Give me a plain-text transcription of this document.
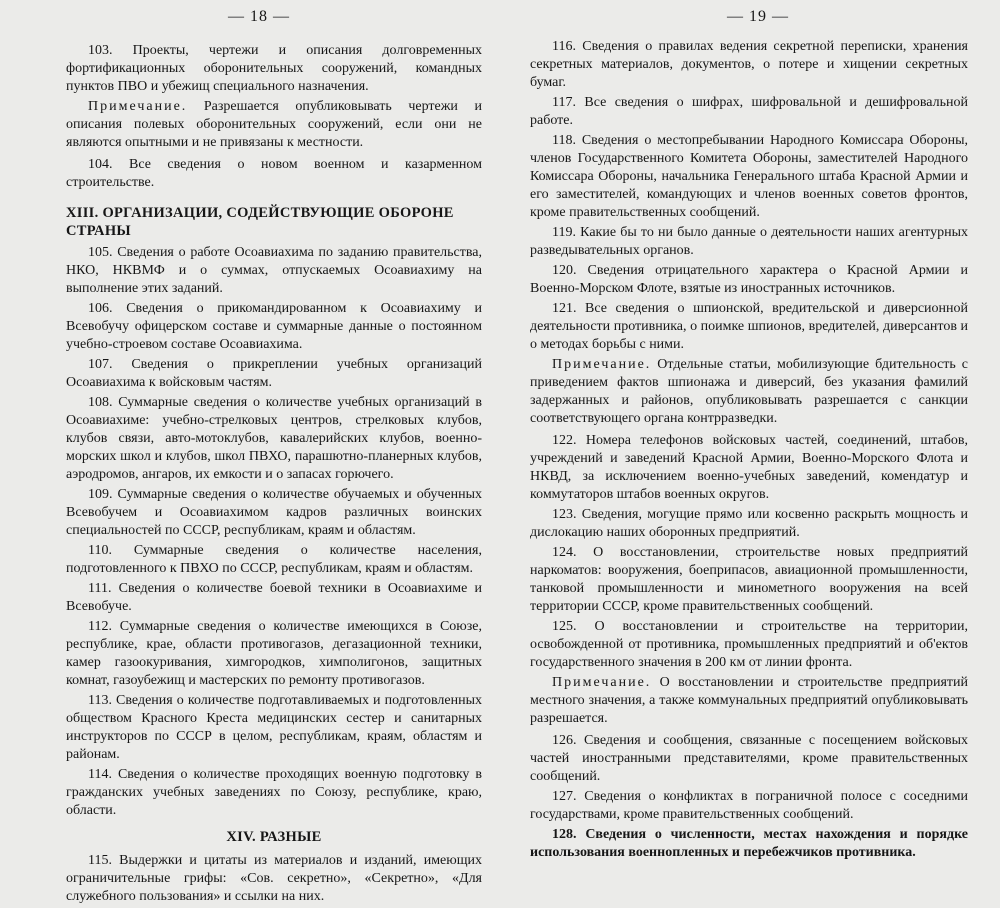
— 18 —

103. Проекты, чертежи и описания долговременных фортификационных оборонительных сооружений, командных пунктов ПВО и убежищ специального назначения.

Примечание. Разрешается опубликовывать чертежи и описания полевых оборонительных сооружений, если они не являются опытными и не привязаны к местности.

104. Все сведения о новом военном и казарменном строительстве.

XIII. ОРГАНИЗАЦИИ, СОДЕЙСТВУЮЩИЕ ОБОРОНЕ СТРАНЫ

105. Сведения о работе Осоавиахима по заданию правительства, НКО, НКВМФ и о суммах, отпускаемых Осоавиахиму на выполнение этих заданий.

106. Сведения о прикомандированном к Осоавиахиму и Всевобучу офицерском составе и суммарные данные о постоянном учебно-строевом составе Осоавиахима.

107. Сведения о прикреплении учебных организаций Осоавиахима к войсковым частям.

108. Суммарные сведения о количестве учебных организаций в Осоавиахиме: учебно-стрелковых центров, стрелковых клубов, клубов связи, авто-мотоклубов, кавалерийских клубов, военно-морских школ и клубов, школ ПВХО, парашютно-планерных клубов, аэродромов, ангаров, их емкости и о запасах горючего.

109. Суммарные сведения о количестве обучаемых и обученных Всевобучем и Осоавиахимом кадров различных воинских специальностей по СССР, республикам, краям и областям.

110. Суммарные сведения о количестве населения, подготовленного к ПВХО по СССР, республикам, краям и областям.

111. Сведения о количестве боевой техники в Осоавиахиме и Всевобуче.

112. Суммарные сведения о количестве имеющихся в Союзе, республике, крае, области противогазов, дегазационной техники, камер газоокуривания, химгородков, химполигонов, защитных комнат, газоубежищ и мастерских по ремонту противогазов.

113. Сведения о количестве подготавливаемых и подготовленных обществом Красного Креста медицинских сестер и санитарных инструкторов по СССР в целом, республикам, краям, областям и районам.

114. Сведения о количестве проходящих военную подготовку в гражданских учебных заведениях по Союзу, республике, краю, области.

XIV. РАЗНЫЕ

115. Выдержки и цитаты из материалов и изданий, имеющих ограничительные грифы: «Сов. секретно», «Секретно», «Для служебного пользования» и ссылки на них.

— 19 —

116. Сведения о правилах ведения секретной переписки, хранения секретных материалов, документов, о потере и хищении секретных бумаг.

117. Все сведения о шифрах, шифровальной и дешифровальной работе.

118. Сведения о местопребывании Народного Комиссара Обороны, членов Государственного Комитета Обороны, заместителей Народного Комиссара Обороны, начальника Генерального штаба Красной Армии и его заместителей, командующих и членов военных советов фронтов, кроме правительственных сообщений.

119. Какие бы то ни было данные о деятельности наших агентурных разведывательных органов.

120. Сведения отрицательного характера о Красной Армии и Военно-Морском Флоте, взятые из иностранных источников.

121. Все сведения о шпионской, вредительской и диверсионной деятельности противника, о поимке шпионов, вредителей, диверсантов и о методах борьбы с ними.

Примечание. Отдельные статьи, мобилизующие бдительность с приведением фактов шпионажа и диверсий, без указания фамилий задержанных и районов, опубликовывать разрешается с санкции соответствующего органа контрразведки.

122. Номера телефонов войсковых частей, соединений, штабов, учреждений и заведений Красной Армии, Военно-Морского Флота и НКВД, за исключением военно-учебных заведений, комендатур и коммутаторов штабов военных округов.

123. Сведения, могущие прямо или косвенно раскрыть мощность и дислокацию наших оборонных предприятий.

124. О восстановлении, строительстве новых предприятий наркоматов: вооружения, боеприпасов, авиационной промышленности, танковой промышленности и минометного вооружения на всей территории СССР, кроме правительственных сообщений.

125. О восстановлении и строительстве на территории, освобожденной от противника, промышленных предприятий и об'ектов государственного значения в 200 км от линии фронта.

Примечание. О восстановлении и строительстве предприятий местного значения, а также коммунальных предприятий опубликовывать разрешается.

126. Сведения и сообщения, связанные с посещением войсковых частей иностранными представителями, кроме правительственных сообщений.

127. Сведения о конфликтах в пограничной полосе с соседними государствами, кроме правительственных сообщений.

128. Сведения о численности, местах нахождения и порядке использования военнопленных и перебежчиков противника.
